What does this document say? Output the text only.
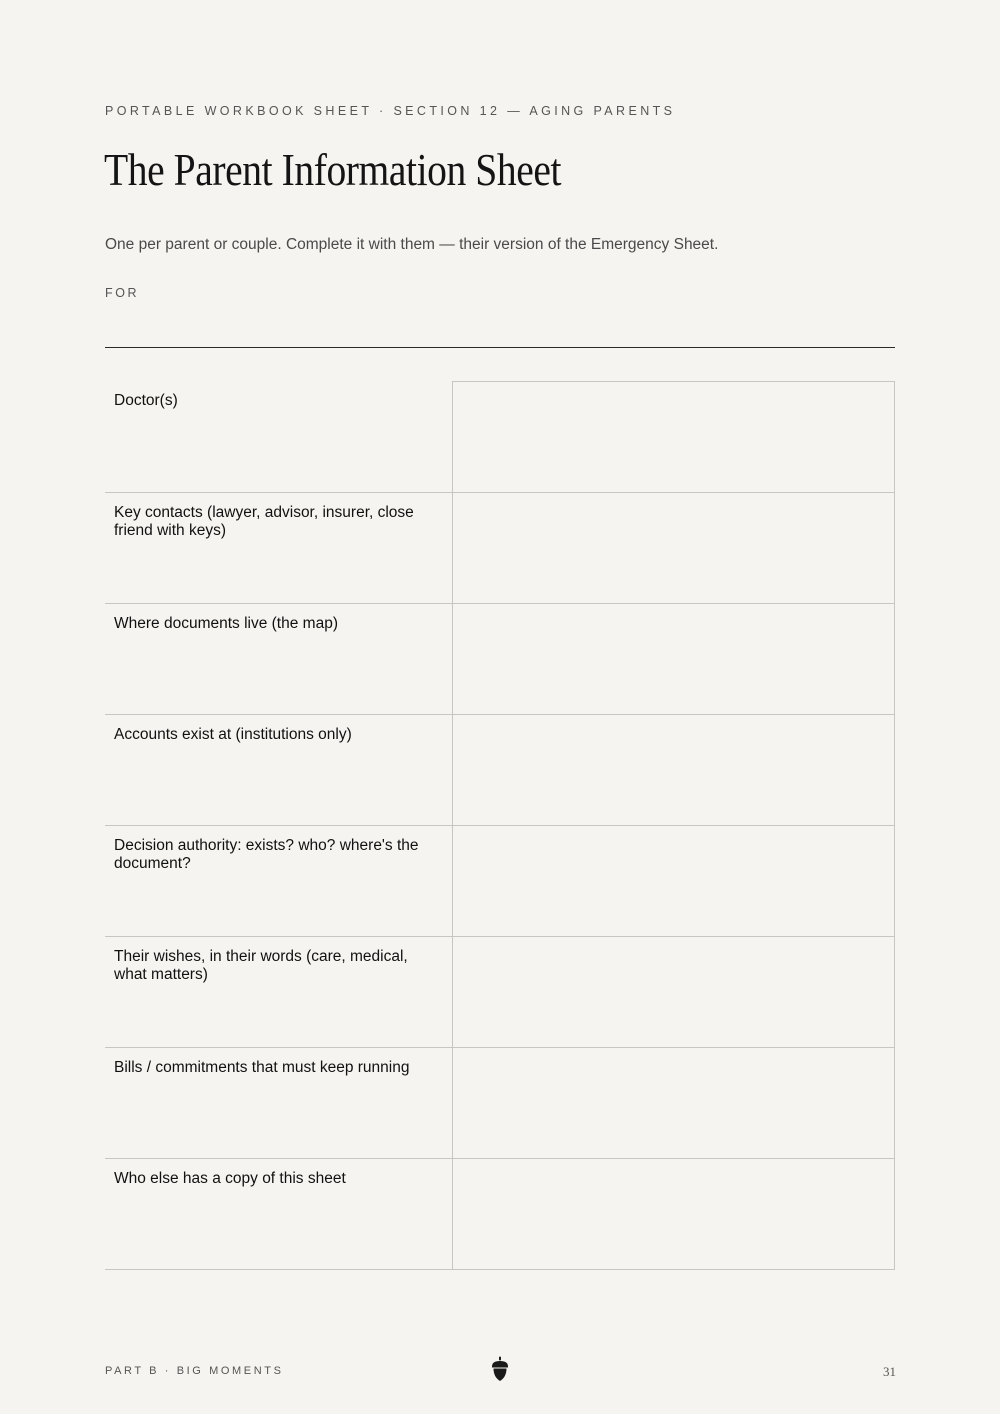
PORTABLE WORKBOOK SHEET · SECTION 12 — AGING PARENTS
The Parent Information Sheet

One per parent or couple. Complete it with them — their version of the Emergency Sheet.

FOR
Doctor(s)
Key contacts (lawyer, advisor, insurer, close friend with keys)
Where documents live (the map)
Accounts exist at (institutions only)
Decision authority: exists? who? where's the document?
Their wishes, in their words (care, medical, what matters)
Bills / commitments that must keep running
Who else has a copy of this sheet
PART B · BIG MOMENTS	31
